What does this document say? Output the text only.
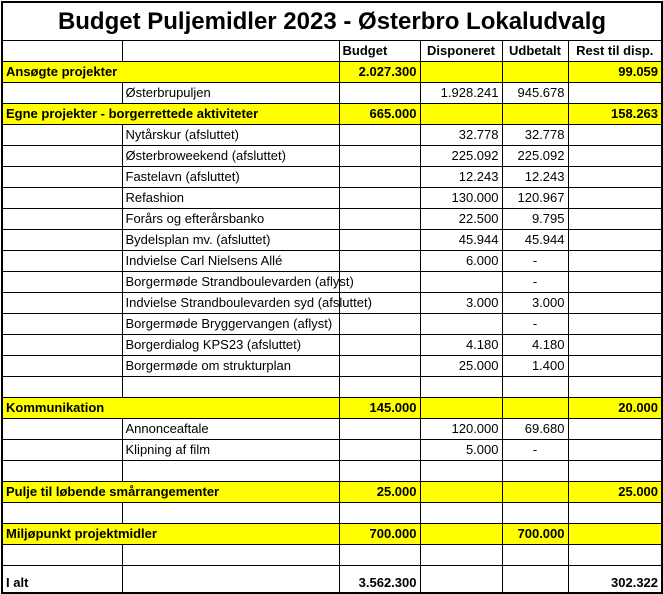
Budget Puljemidler 2023 - Østerbro Lokaludvalg					
		Budget	Disponeret	Udbetalt	Rest til disp.
Ansøgte projekter		2.027.300			99.059
	Østerbrupuljen		1.928.241	945.678	
Egne projekter - borgerrettede aktiviteter		665.000			158.263
	Nytårskur (afsluttet)		32.778	32.778	
	Østerbroweekend (afsluttet)		225.092	225.092	
	Fastelavn (afsluttet)		12.243	12.243	
	Refashion		130.000	120.967	
	Forårs og efterårsbanko		22.500	9.795	
	Bydelsplan mv. (afsluttet)		45.944	45.944	
	Indvielse Carl Nielsens Allé		6.000	-	
	Borgermøde Strandboulevarden (aflyst)			-	
	Indvielse Strandboulevarden syd (afsluttet)		3.000	3.000	
	Borgermøde Bryggervangen (aflyst)			-	
	Borgerdialog KPS23 (afsluttet)		4.180	4.180	
	Borgermøde om strukturplan		25.000	1.400	

Kommunikation		145.000			20.000
	Annonceaftale		120.000	69.680	
	Klipning af film		5.000	-	

Pulje til løbende smårrangementer		25.000			25.000

Miljøpunkt projektmidler		700.000		700.000	

I alt		3.562.300			302.322
